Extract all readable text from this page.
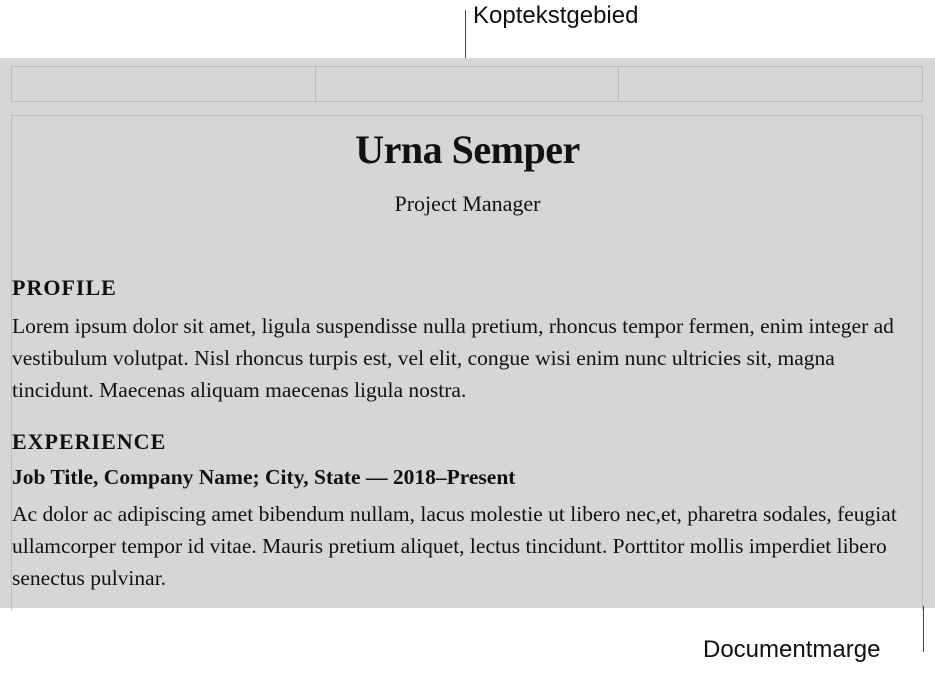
Koptekstgebied

Urna Semper

Project Manager

PROFILE

Lorem ipsum dolor sit amet, ligula suspendisse nulla pretium, rhoncus tempor fermen, enim integer ad vestibulum volutpat. Nisl rhoncus turpis est, vel elit, congue wisi enim nunc ultricies sit, magna tincidunt. Maecenas aliquam maecenas ligula nostra.

EXPERIENCE

Job Title, Company Name; City, State — 2018–Present

Ac dolor ac adipiscing amet bibendum nullam, lacus molestie ut libero nec,et, pharetra sodales, feugiat ullamcorper tempor id vitae. Mauris pretium aliquet, lectus tincidunt. Porttitor mollis imperdiet libero senectus pulvinar.

Documentmarge
